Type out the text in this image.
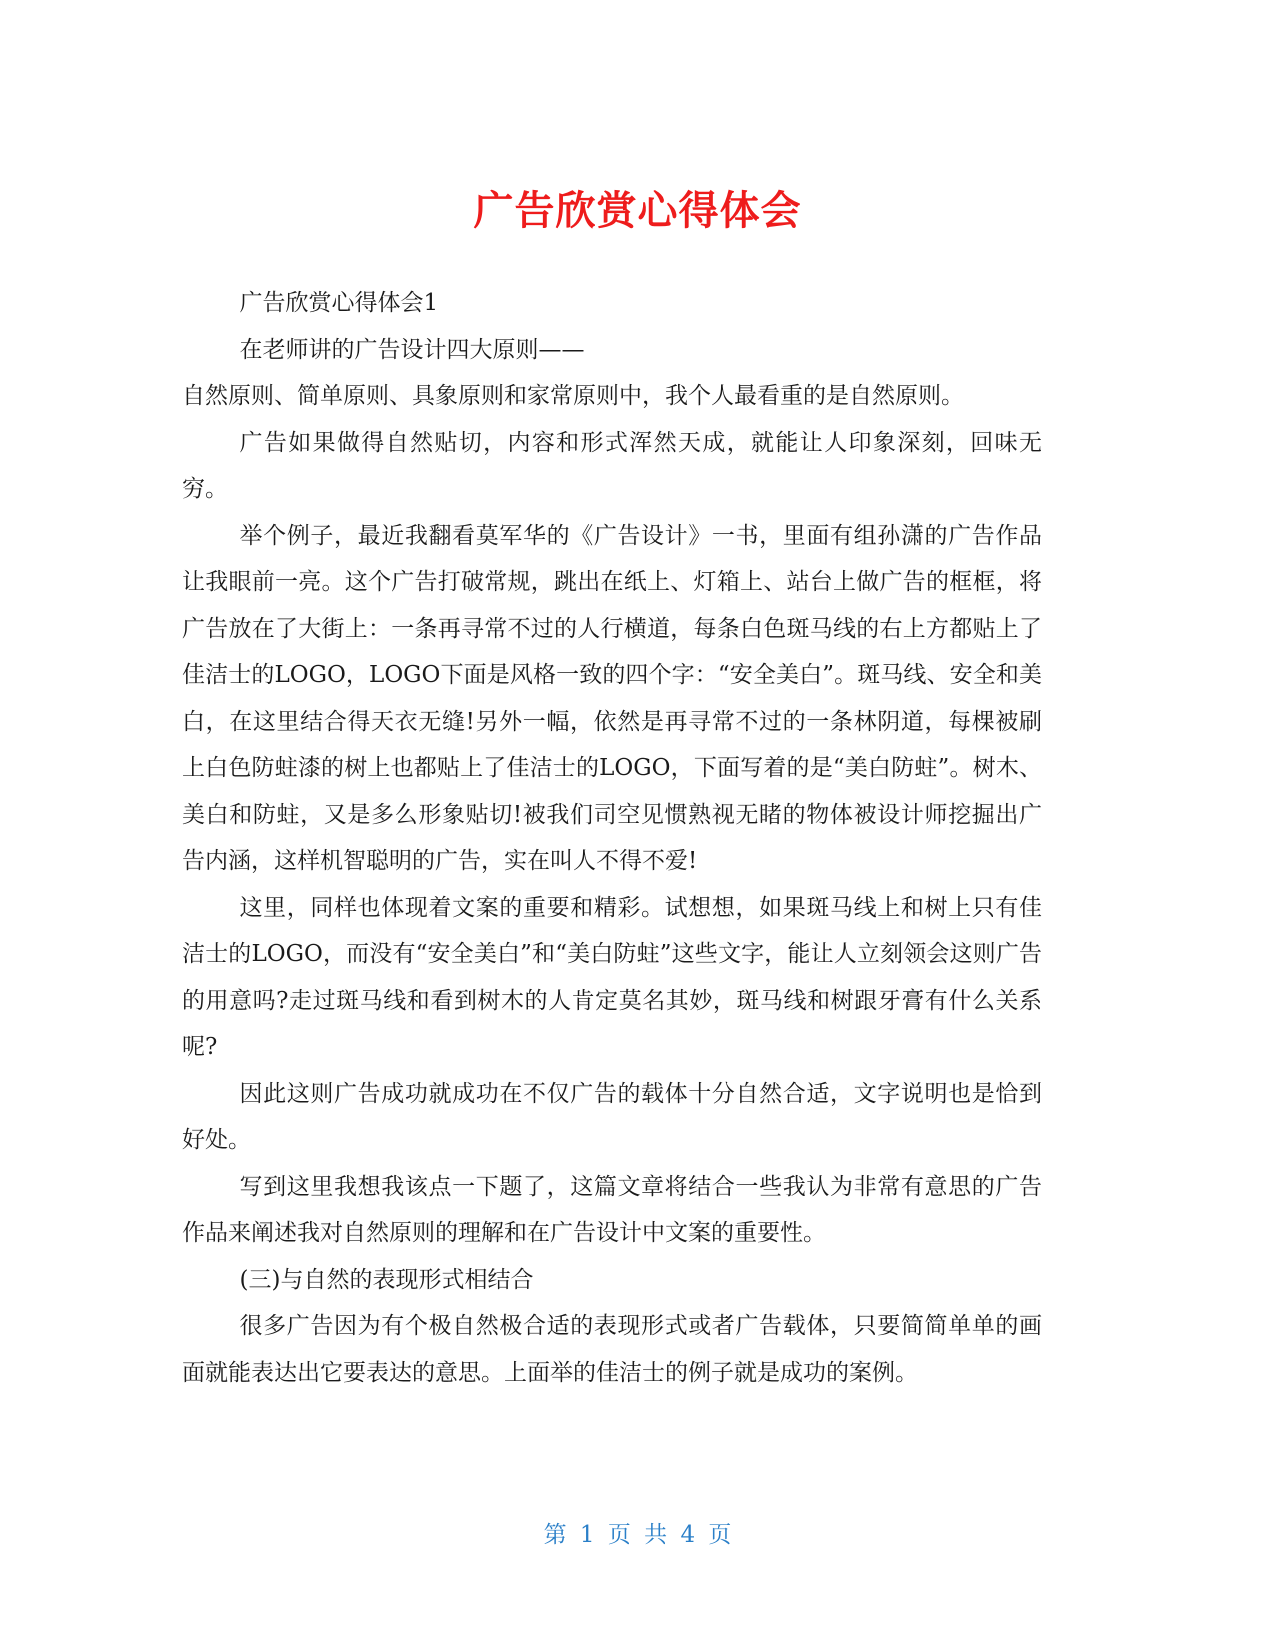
广告欣赏心得体会

广告欣赏心得体会1

在老师讲的广告设计四大原则——

自然原则、简单原则、具象原则和家常原则中，我个人最看重的是自然原则。

广告如果做得自然贴切，内容和形式浑然天成，就能让人印象深刻，回味无穷。

举个例子，最近我翻看莫军华的《广告设计》一书，里面有组孙潇的广告作品让我眼前一亮。这个广告打破常规，跳出在纸上、灯箱上、站台上做广告的框框，将广告放在了大街上：一条再寻常不过的人行横道，每条白色斑马线的右上方都贴上了佳洁士的LOGO，LOGO下面是风格一致的四个字：“安全美白”。斑马线、安全和美白，在这里结合得天衣无缝!另外一幅，依然是再寻常不过的一条林阴道，每棵被刷上白色防蛀漆的树上也都贴上了佳洁士的LOGO，下面写着的是“美白防蛀”。树木、美白和防蛀，又是多么形象贴切!被我们司空见惯熟视无睹的物体被设计师挖掘出广告内涵，这样机智聪明的广告，实在叫人不得不爱!

这里，同样也体现着文案的重要和精彩。试想想，如果斑马线上和树上只有佳洁士的LOGO，而没有“安全美白”和“美白防蛀”这些文字，能让人立刻领会这则广告的用意吗?走过斑马线和看到树木的人肯定莫名其妙，斑马线和树跟牙膏有什么关系呢?

因此这则广告成功就成功在不仅广告的载体十分自然合适，文字说明也是恰到好处。

写到这里我想我该点一下题了，这篇文章将结合一些我认为非常有意思的广告作品来阐述我对自然原则的理解和在广告设计中文案的重要性。

(三)与自然的表现形式相结合

很多广告因为有个极自然极合适的表现形式或者广告载体，只要简简单单的画面就能表达出它要表达的意思。上面举的佳洁士的例子就是成功的案例。

第 1 页 共 4 页
